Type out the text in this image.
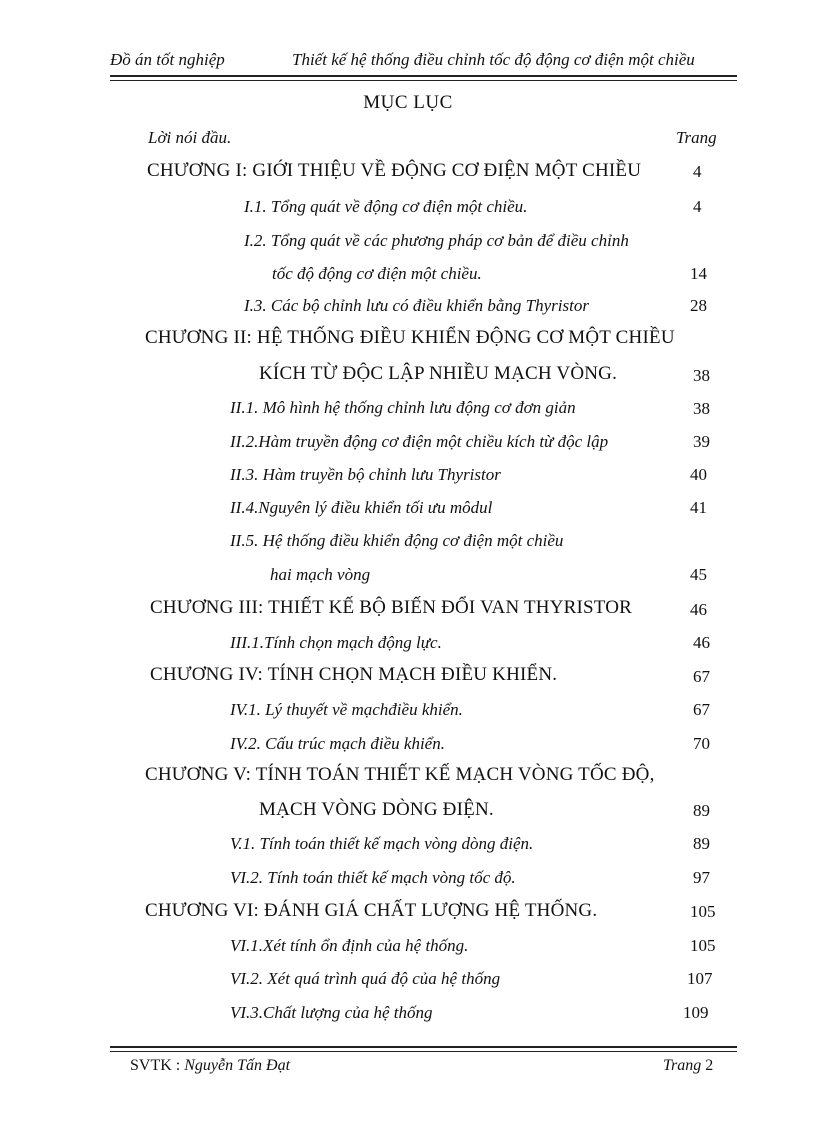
Đồ án tốt nghiệp	Thiết kế hệ thống điều chỉnh tốc độ động cơ điện một chiều
MỤC LỤC
Lời nói đầu.	Trang
CHƯƠNG I: GIỚI THIỆU VỀ ĐỘNG CƠ ĐIỆN MỘT CHIỀU	4
I.1. Tổng quát về động cơ điện một chiều.	4
I.2. Tổng quát về các phương pháp cơ bản để điều chỉnh
tốc độ động cơ điện một chiều.	14
I.3. Các bộ chỉnh lưu có điều khiển bằng Thyristor	28
CHƯƠNG II: HỆ THỐNG ĐIỀU KHIỂN ĐỘNG CƠ MỘT CHIỀU
KÍCH TỪ ĐỘC LẬP NHIỀU MẠCH VÒNG.	38
II.1. Mô hình hệ thống chỉnh lưu động cơ đơn giản	38
II.2.Hàm truyền động cơ điện một chiều kích từ độc lập	39
II.3. Hàm truyền bộ chỉnh lưu Thyristor	40
II.4.Nguyên lý điều khiển tối ưu môdul	41
II.5. Hệ thống điều khiển động cơ điện một chiều
hai mạch vòng	45
CHƯƠNG III: THIẾT KẾ BỘ BIẾN ĐỔI VAN THYRISTOR	46
III.1.Tính chọn mạch động lực.	46
CHƯƠNG IV: TÍNH CHỌN MẠCH ĐIỀU KHIỂN.	67
IV.1. Lý thuyết về mạchđiều khiển.	67
IV.2. Cấu trúc mạch điều khiển.	70
CHƯƠNG V: TÍNH TOÁN THIẾT KẾ MẠCH VÒNG TỐC ĐỘ,
MẠCH VÒNG DÒNG ĐIỆN.	89
V.1. Tính toán thiết kế mạch vòng dòng điện.	89
VI.2. Tính toán thiết kế mạch vòng tốc độ.	97
CHƯƠNG VI: ĐÁNH GIÁ CHẤT LƯỢNG HỆ THỐNG.	105
VI.1.Xét tính ổn định của hệ thống.	105
VI.2. Xét quá trình quá độ của hệ thống	107
VI.3.Chất lượng của hệ thống	109
SVTK : Nguyễn Tấn Đạt	Trang 2
